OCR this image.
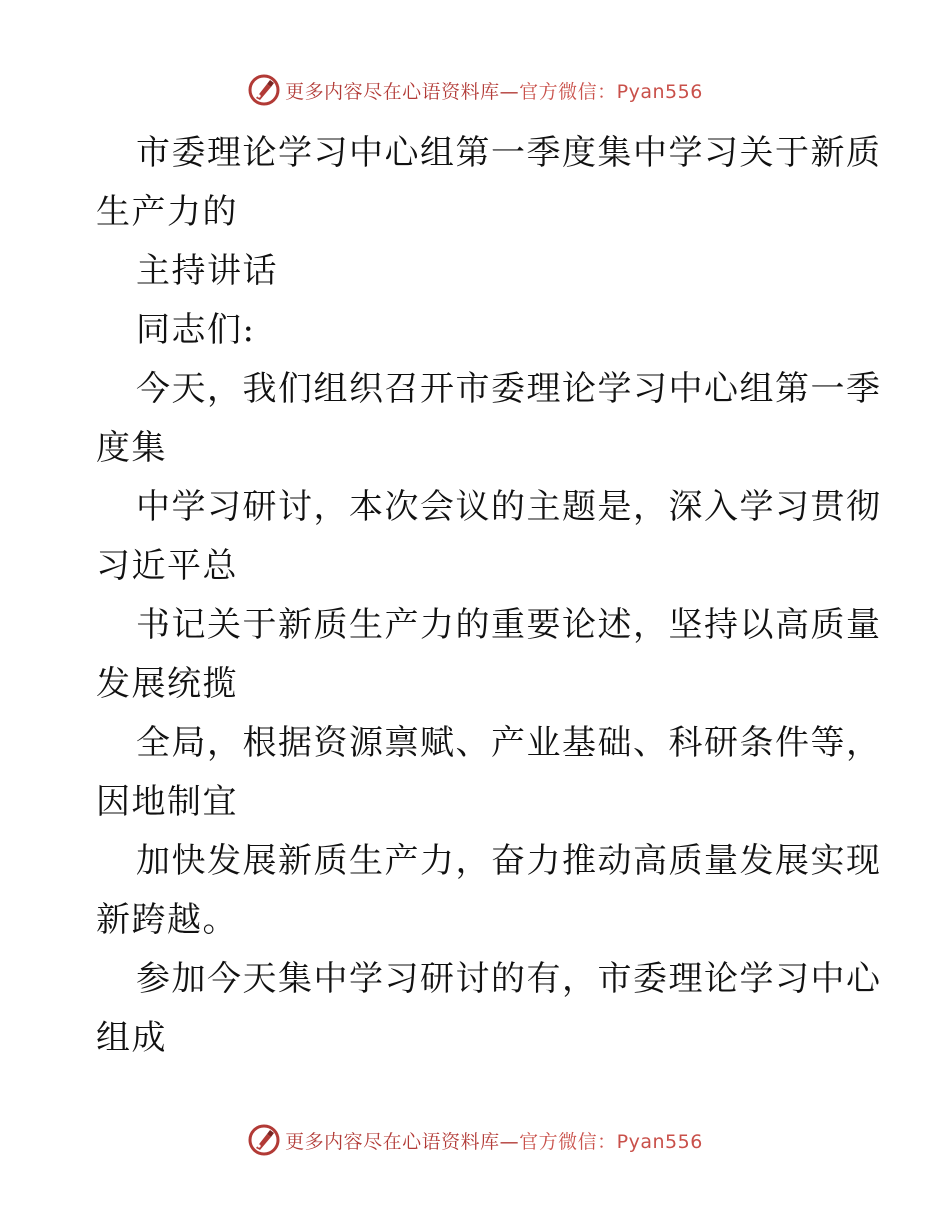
更多内容尽在心语资料库—官方微信：Pyan556
市委理论学习中心组第一季度集中学习关于新质
生产力的
主持讲话
同志们:
今天，我们组织召开市委理论学习中心组第一季
度集
中学习研讨，本次会议的主题是，深入学习贯彻
习近平总
书记关于新质生产力的重要论述，坚持以高质量
发展统揽
全局，根据资源禀赋、产业基础、科研条件等，
因地制宜
加快发展新质生产力，奋力推动高质量发展实现
新跨越。
参加今天集中学习研讨的有，市委理论学习中心
组成
更多内容尽在心语资料库—官方微信：Pyan556
